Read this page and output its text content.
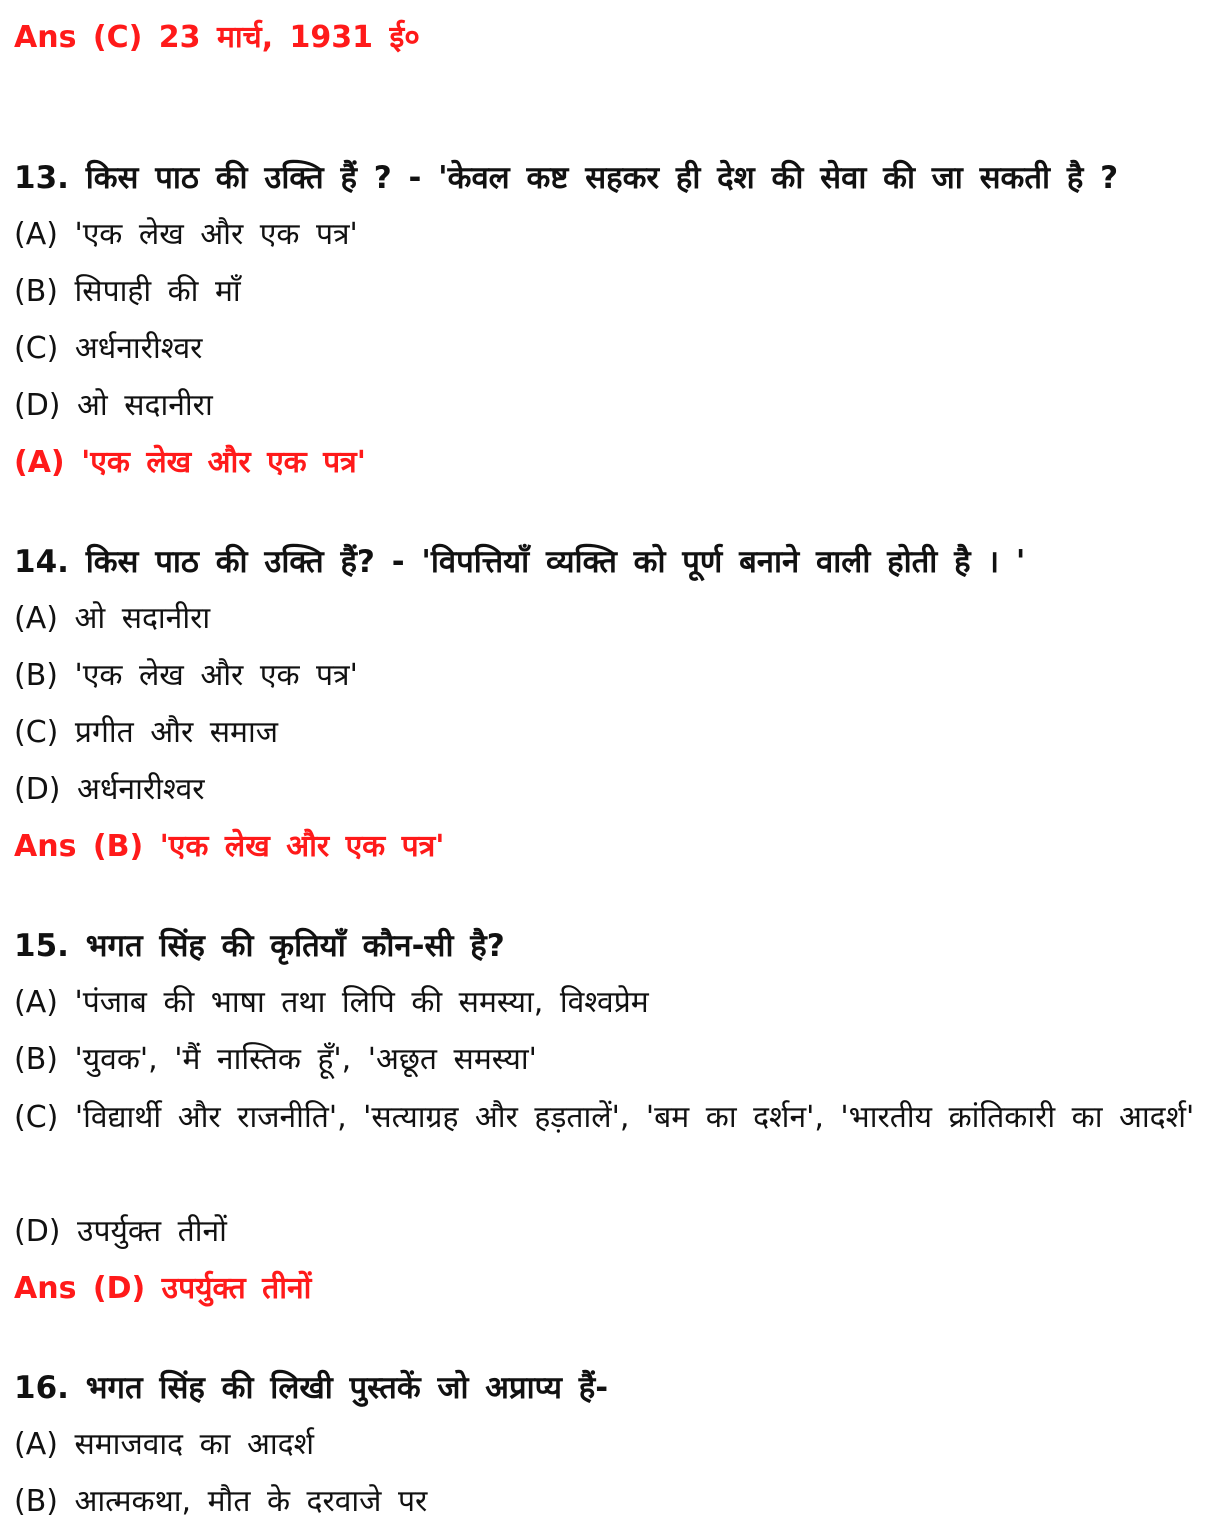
Ans (C) 23 मार्च, 1931 ई०
13. किस पाठ की उक्ति हैं ? - 'केवल कष्ट सहकर ही देश की सेवा की जा सकती है ?
(A) 'एक लेख और एक पत्र'
(B) सिपाही की माँ
(C) अर्धनारीश्वर
(D) ओ सदानीरा
(A) 'एक लेख और एक पत्र'
14. किस पाठ की उक्ति हैं? - 'विपत्तियाँ व्यक्ति को पूर्ण बनाने वाली होती है । '
(A) ओ सदानीरा
(B) 'एक लेख और एक पत्र'
(C) प्रगीत और समाज
(D) अर्धनारीश्वर
Ans (B) 'एक लेख और एक पत्र'
15. भगत सिंह की कृतियाँ कौन-सी है?
(A) 'पंजाब की भाषा तथा लिपि की समस्या, विश्वप्रेम
(B) 'युवक', 'मैं नास्तिक हूँ', 'अछूत समस्या'
(C) 'विद्यार्थी और राजनीति', 'सत्याग्रह और हड़तालें', 'बम का दर्शन', 'भारतीय क्रांतिकारी का आदर्श'
(D) उपर्युक्त तीनों
Ans (D) उपर्युक्त तीनों
16. भगत सिंह की लिखी पुस्तकें जो अप्राप्य हैं-
(A) समाजवाद का आदर्श
(B) आत्मकथा, मौत के दरवाजे पर
